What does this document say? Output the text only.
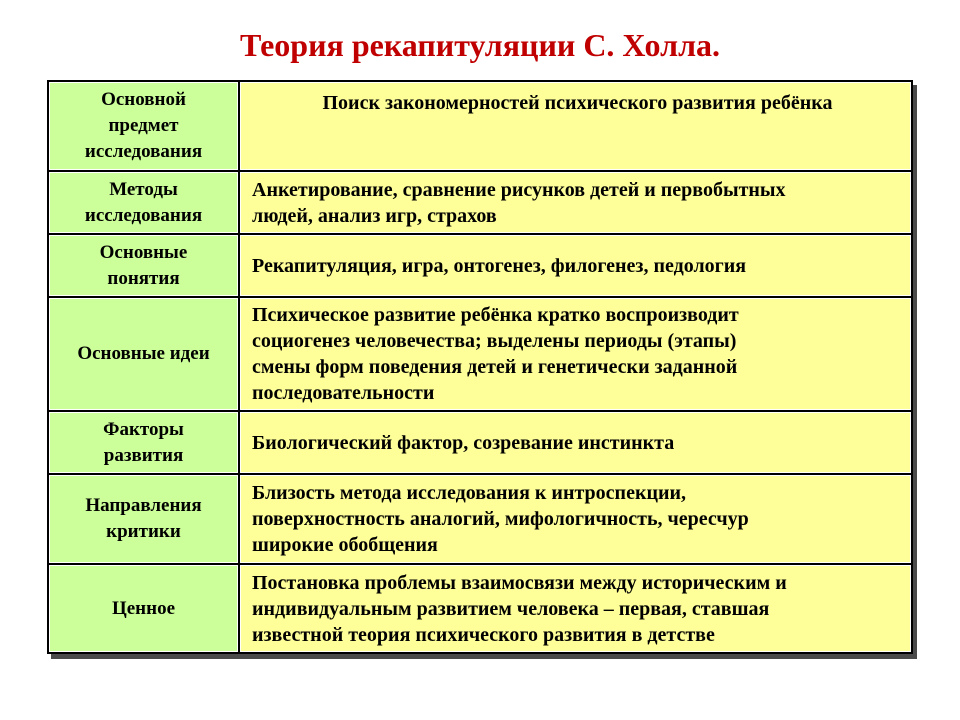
Теория рекапитуляции С. Холла.
Основной
предмет
исследования
Поиск закономерностей психического развития ребёнка
Методы
исследования
Анкетирование, сравнение рисунков детей и первобытных
людей, анализ игр, страхов
Основные
понятия
Рекапитуляция, игра, онтогенез, филогенез, педология
Основные идеи
Психическое развитие ребёнка кратко воспроизводит
социогенез человечества; выделены периоды (этапы)
смены форм поведения детей и генетически заданной
последовательности
Факторы
развития
Биологический фактор, созревание инстинкта
Направления
критики
Близость метода исследования к интроспекции,
поверхностность аналогий, мифологичность, чересчур
широкие обобщения
Ценное
Постановка проблемы взаимосвязи между историческим и
индивидуальным развитием человека – первая, ставшая
известной теория психического развития в детстве
